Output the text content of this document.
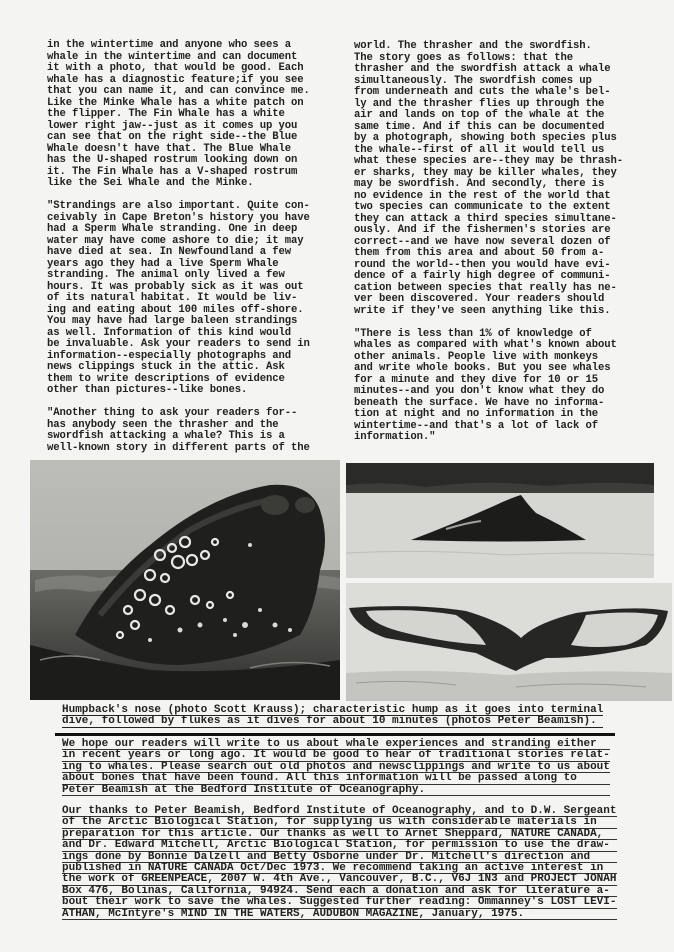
in the wintertime and anyone who sees a
whale in the wintertime and can document
it with a photo, that would be good. Each
whale has a diagnostic feature;if you see
that you can name it, and can convince me.
Like the Minke Whale has a white patch on
the flipper. The Fin Whale has a white
lower right jaw--just as it comes up you
can see that on the right side--the Blue
Whale doesn't have that. The Blue Whale
has the U-shaped rostrum looking down on
it. The Fin Whale has a V-shaped rostrum
like the Sei Whale and the Minke.
"Strandings are also important. Quite con-
ceivably in Cape Breton's history you have
had a Sperm Whale stranding. One in deep
water may have come ashore to die; it may
have died at sea. In Newfoundland a few
years ago they had a live Sperm Whale
stranding. The animal only lived a few
hours. It was probably sick as it was out
of its natural habitat. It would be liv-
ing and eating about 100 miles off-shore.
You may have had large baleen strandings
as well. Information of this kind would
be invaluable. Ask your readers to send in
information--especially photographs and
news clippings stuck in the attic. Ask
them to write descriptions of evidence
other than pictures--like bones.
"Another thing to ask your readers for--
has anybody seen the thrasher and the
swordfish attacking a whale? This is a
well-known story in different parts of the
world. The thrasher and the swordfish.
The story goes as follows: that the
thrasher and the swordfish attack a whale
simultaneously. The swordfish comes up
from underneath and cuts the whale's bel-
ly and the thrasher flies up through the
air and lands on top of the whale at the
same time. And if this can be documented
by a photograph, showing both species plus
the whale--first of all it would tell us
what these species are--they may be thrash-
er sharks, they may be killer whales, they
may be swordfish. And secondly, there is
no evidence in the rest of the world that
two species can communicate to the extent
they can attack a third species simultane-
ously. And if the fishermen's stories are
correct--and we have now several dozen of
them from this area and about 50 from a-
round the world--then you would have evi-
dence of a fairly high degree of communi-
cation between species that really has ne-
ver been discovered. Your readers should
write if they've seen anything like this.
"There is less than 1% of knowledge of
whales as compared with what's known about
other animals. People live with monkeys
and write whole books. But you see whales
for a minute and they dive for 10 or 15
minutes--and you don't know what they do
beneath the surface. We have no informa-
tion at night and no information in the
wintertime--and that's a lot of lack of
information."
Humpback's nose (photo Scott Krauss); characteristic hump as it goes into terminal
dive, followed by flukes as it dives for about 10 minutes (photos Peter Beamish).
We hope our readers will write to us about whale experiences and stranding either
in recent years or long ago. It would be good to hear of traditional stories relat-
ing to whales. Please search out old photos and newsclippings and write to us about
about bones that have been found. All this information will be passed along to
Peter Beamish at the Bedford Institute of Oceanography.
Our thanks to Peter Beamish, Bedford Institute of Oceanography, and to D.W. Sergeant
of the Arctic Biological Station, for supplying us with considerable materials in
preparation for this article. Our thanks as well to Arnet Sheppard, NATURE CANADA,
and Dr. Edward Mitchell, Arctic Biological Station, for permission to use the draw-
ings done by Bonnie Dalzell and Betty Osborne under Dr. Mitchell's direction and
published in NATURE CANADA Oct/Dec 1973. We recommend taking an active interest in
the work of GREENPEACE, 2007 W. 4th Ave., Vancouver, B.C., V6J 1N3 and PROJECT JONAH
Box 476, Bolinas, California, 94924. Send each a donation and ask for literature a-
bout their work to save the whales. Suggested further reading: Ommanney's LOST LEVI-
ATHAN, McIntyre's MIND IN THE WATERS, AUDUBON MAGAZINE, January, 1975.
